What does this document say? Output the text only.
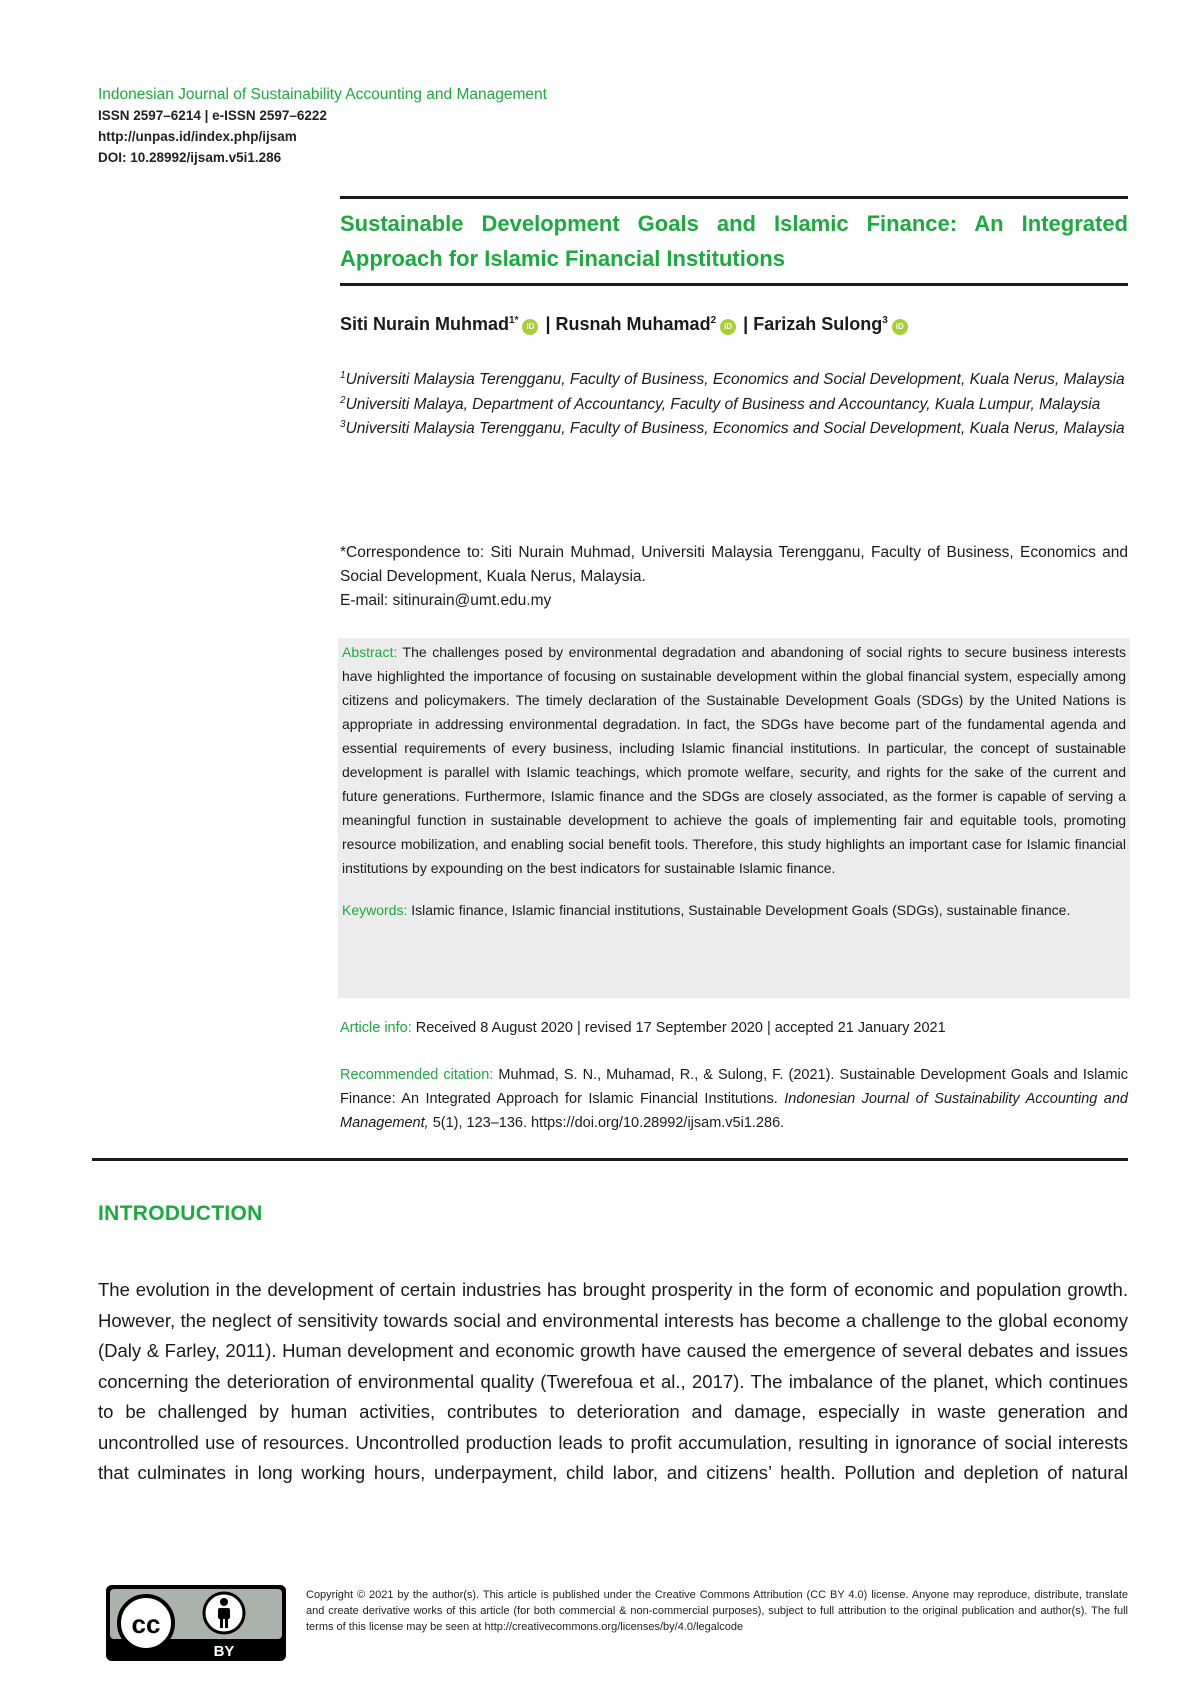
Indonesian Journal of Sustainability Accounting and Management
ISSN 2597–6214 | e-ISSN 2597–6222
http://unpas.id/index.php/ijsam
DOI: 10.28992/ijsam.v5i1.286
Sustainable Development Goals and Islamic Finance: An Integrated Approach for Islamic Financial Institutions
Siti Nurain Muhmad$^{1*}$iD | Rusnah Muhamad$^2$iD | Farizah Sulong$^3$iD

$^1$Universiti Malaysia Terengganu, Faculty of Business, Economics and Social Development, Kuala Nerus, Malaysia

$^2$Universiti Malaya, Department of Accountancy, Faculty of Business and Accountancy, Kuala Lumpur, Malaysia

$^3$Universiti Malaysia Terengganu, Faculty of Business, Economics and Social Development, Kuala Nerus, Malaysia

*Correspondence to: Siti Nurain Muhmad, Universiti Malaysia Terengganu, Faculty of Business, Economics and Social Development, Kuala Nerus, Malaysia.

E-mail: sitinurain@umt.edu.my

Abstract: The challenges posed by environmental degradation and abandoning of social rights to secure business interests have highlighted the importance of focusing on sustainable development within the global financial system, especially among citizens and policymakers. The timely declaration of the Sustainable Development Goals (SDGs) by the United Nations is appropriate in addressing environmental degradation. In fact, the SDGs have become part of the fundamental agenda and essential requirements of every business, including Islamic financial institutions. In particular, the concept of sustainable development is parallel with Islamic teachings, which promote welfare, security, and rights for the sake of the current and future generations. Furthermore, Islamic finance and the SDGs are closely associated, as the former is capable of serving a meaningful function in sustainable development to achieve the goals of implementing fair and equitable tools, promoting resource mobilization, and enabling social benefit tools. Therefore, this study highlights an important case for Islamic financial institutions by expounding on the best indicators for sustainable Islamic finance.

Keywords: Islamic finance, Islamic financial institutions, Sustainable Development Goals (SDGs), sustainable finance.

Article info: Received 8 August 2020 | revised 17 September 2020 | accepted 21 January 2021
Recommended citation: Muhmad, S. N., Muhamad, R., & Sulong, F. (2021). Sustainable Development Goals and Islamic Finance: An Integrated Approach for Islamic Financial Institutions. Indonesian Journal of Sustainability Accounting and Management, 5(1), 123–136. https://doi.org/10.28992/ijsam.v5i1.286.
INTRODUCTION
The evolution in the development of certain industries has brought prosperity in the form of economic and population growth. However, the neglect of sensitivity towards social and environmental interests has become a challenge to the global economy (Daly & Farley, 2011). Human development and economic growth have caused the emergence of several debates and issues concerning the deterioration of environmental quality (Twerefoua et al., 2017). The imbalance of the planet, which continues to be challenged by human activities, contributes to deterioration and damage, especially in waste generation and uncontrolled use of resources. Uncontrolled production leads to profit accumulation, resulting in ignorance of social interests that culminates in long working hours, underpayment, child labor, and citizens’ health. Pollution and depletion of natural
cc
BY
Copyright © 2021 by the author(s). This article is published under the Creative Commons Attribution (CC BY 4.0) license. Anyone may reproduce, distribute, translate and create derivative works of this article (for both commercial & non-commercial purposes), subject to full attribution to the original publication and author(s). The full terms of this license may be seen at http://creativecommons.org/licenses/by/4.0/legalcode
